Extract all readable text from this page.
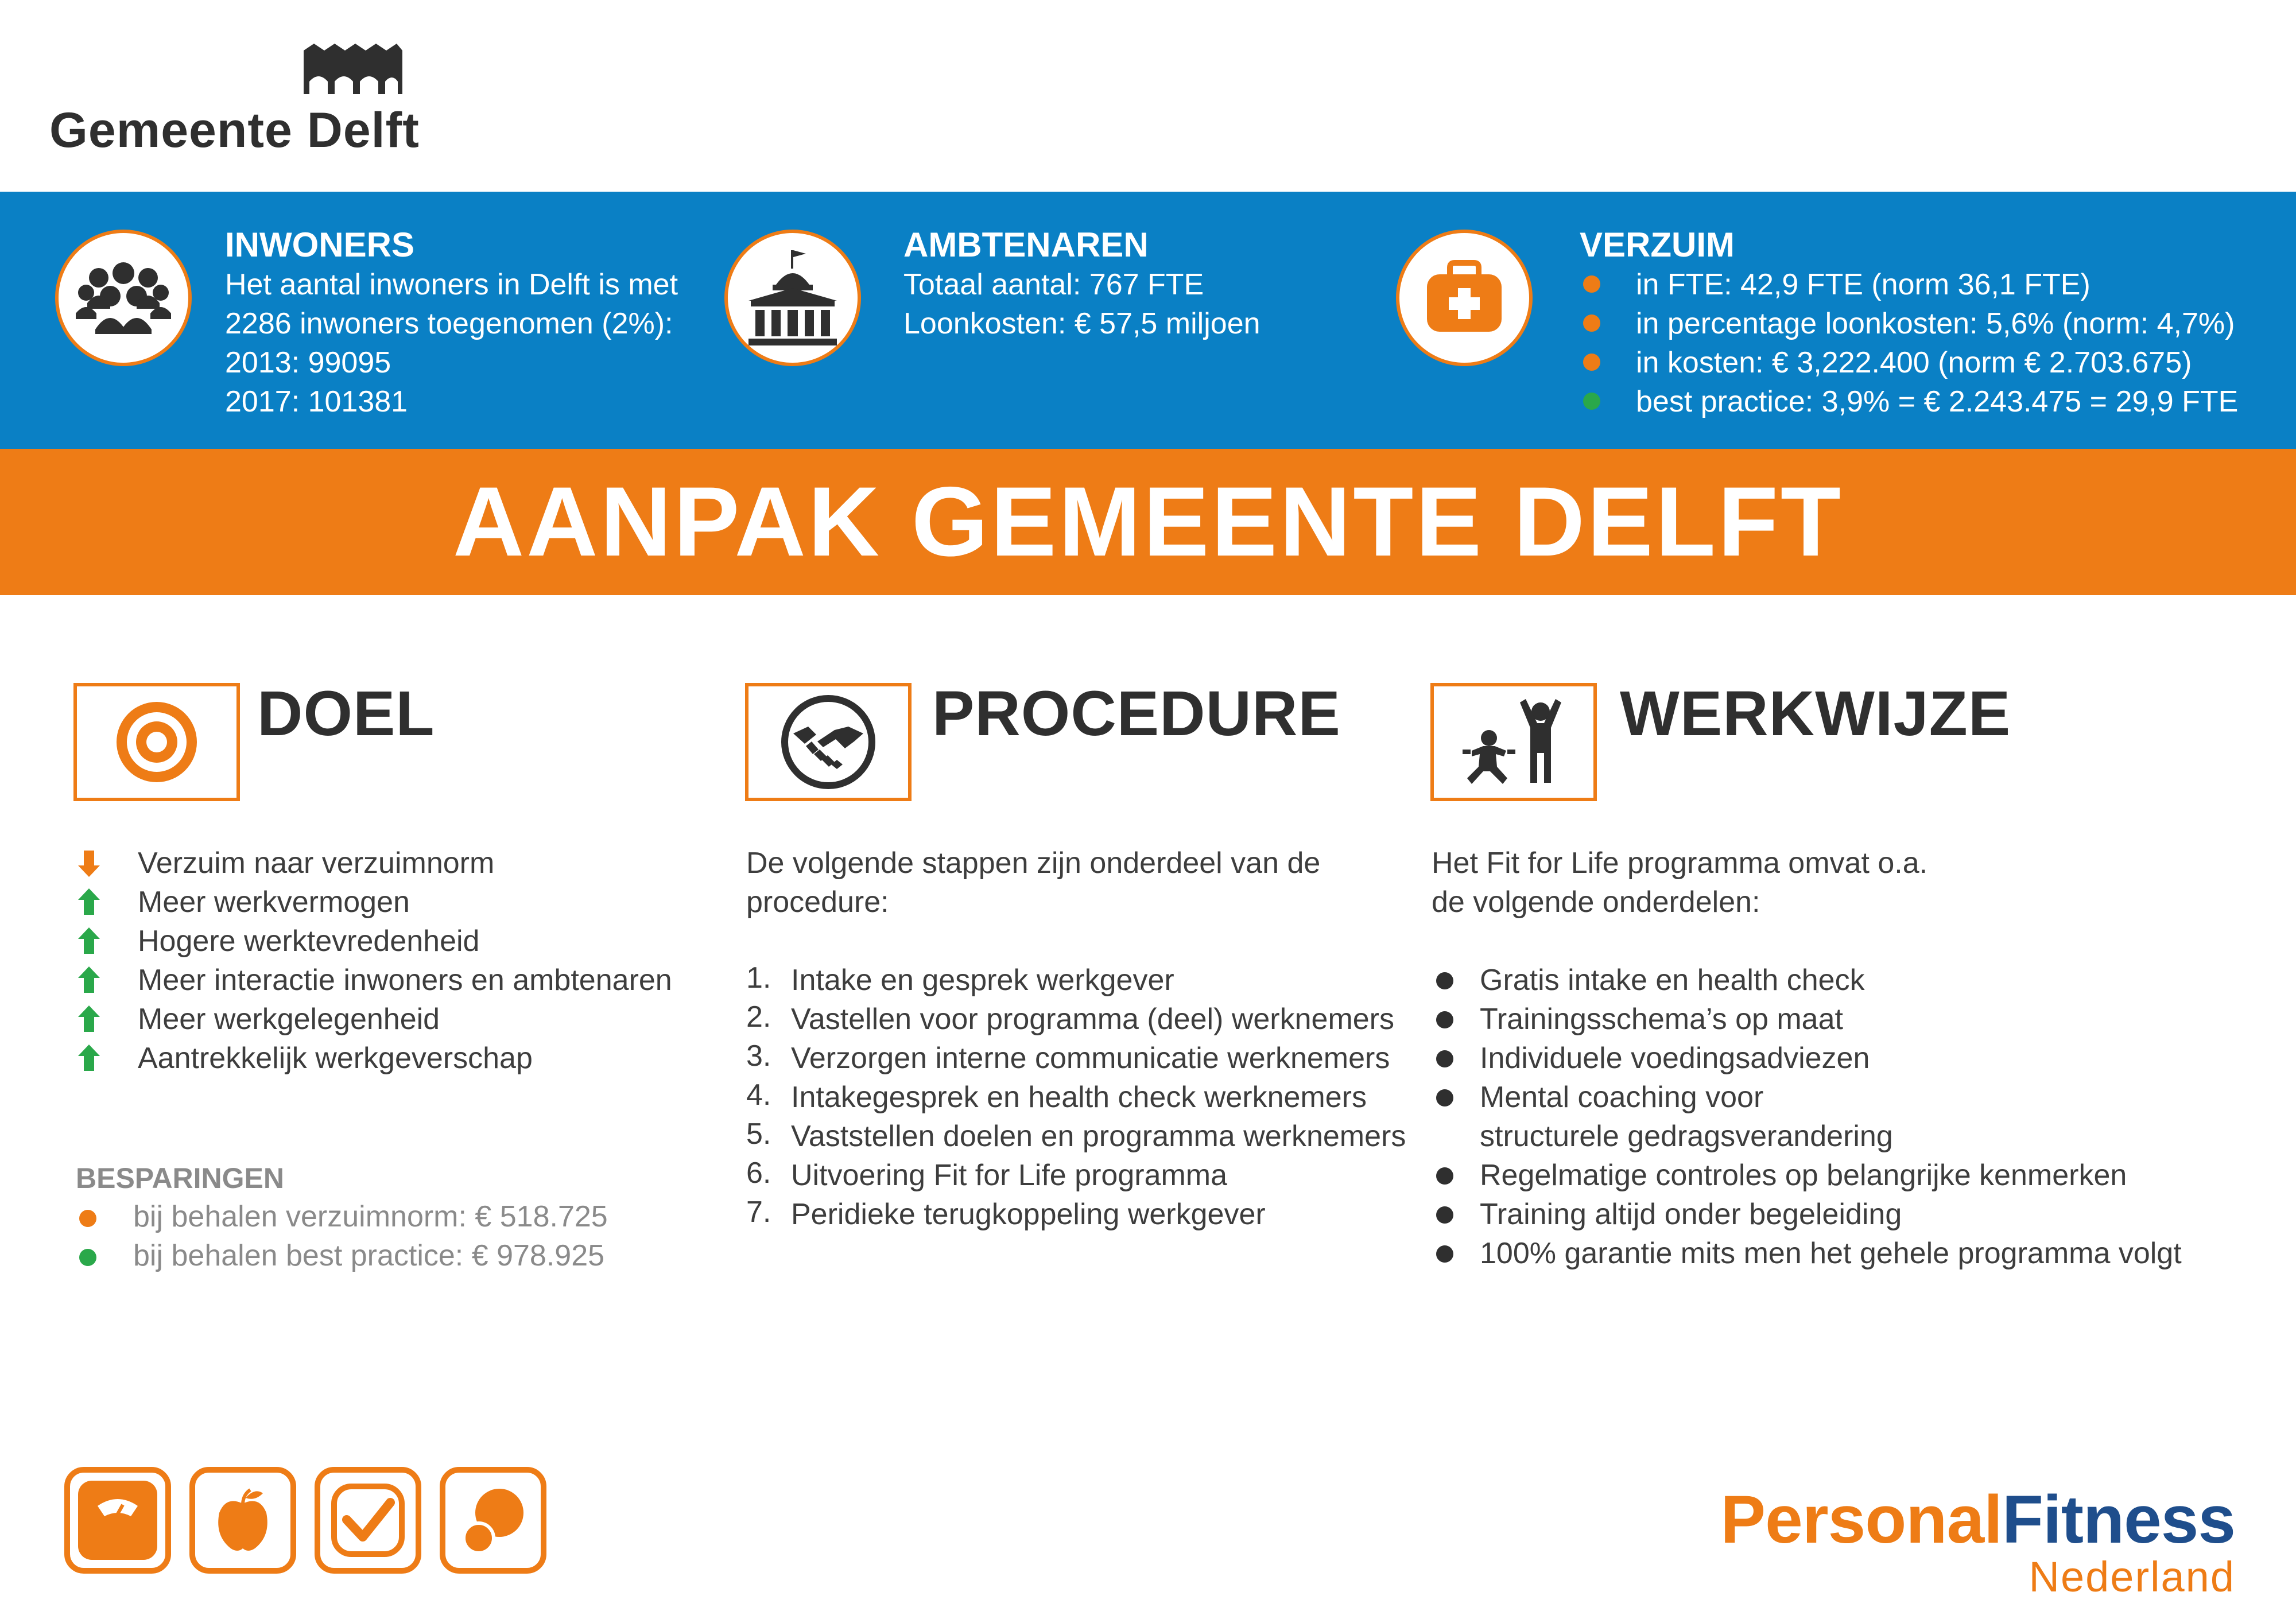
Gemeente Delft
INWONERS
Het aantal inwoners in Delft is met
2286 inwoners toegenomen (2%):
2013: 99095
2017: 101381
AMBTENAREN
Totaal aantal: 767 FTE
Loonkosten: € 57,5 miljoen
VERZUIM
in FTE: 42,9 FTE (norm 36,1 FTE)
in percentage loonkosten: 5,6% (norm: 4,7%)
in kosten: € 3,222.400 (norm € 2.703.675)
best practice: 3,9% = € 2.243.475 = 29,9 FTE
AANPAK GEMEENTE DELFT
DOEL
Verzuim naar verzuimnorm
Meer werkvermogen
Hogere werktevredenheid
Meer interactie inwoners en ambtenaren
Meer werkgelegenheid
Aantrekkelijk werkgeverschap
BESPARINGEN
bij behalen verzuimnorm: € 518.725
bij behalen best practice: € 978.925
PROCEDURE
De volgende stappen zijn onderdeel van de
procedure:
1. Intake en gesprek werkgever
2. Vastellen voor programma (deel) werknemers
3. Verzorgen interne communicatie werknemers
4. Intakegesprek en health check werknemers
5. Vaststellen doelen en programma werknemers
6. Uitvoering Fit for Life programma
7. Peridieke terugkoppeling werkgever
WERKWIJZE
Het Fit for Life programma omvat o.a.
de volgende onderdelen:
Gratis intake en health check
Trainingsschema’s op maat
Individuele voedingsadviezen
Mental coaching voor
structurele gedragsverandering
Regelmatige controles op belangrijke kenmerken
Training altijd onder begeleiding
100% garantie mits men het gehele programma volgt
PersonalFitness
Nederland
